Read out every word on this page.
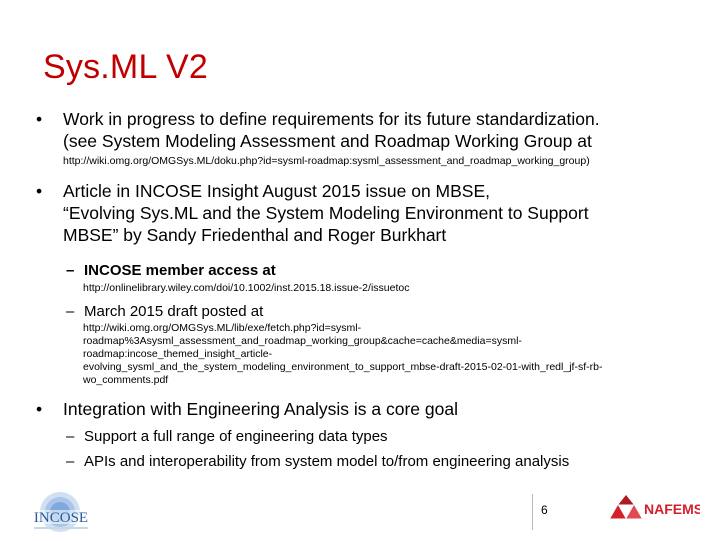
Sys.ML V2
•	Work in progress to define requirements for its future standardization.
(see System Modeling Assessment and Roadmap Working Group at
http://wiki.omg.org/OMGSys.ML/doku.php?id=sysml-roadmap:sysml_assessment_and_roadmap_working_group)
•	Article in INCOSE Insight August 2015 issue on MBSE,
“Evolving Sys.ML and the System Modeling Environment to Support
MBSE” by Sandy Friedenthal and Roger Burkhart
– INCOSE member access at
http://onlinelibrary.wiley.com/doi/10.1002/inst.2015.18.issue-2/issuetoc
– March 2015 draft posted at
http://wiki.omg.org/OMGSys.ML/lib/exe/fetch.php?id=sysml-
roadmap%3Asysml_assessment_and_roadmap_working_group&cache=cache&media=sysml-
roadmap:incose_themed_insight_article-
evolving_sysml_and_the_system_modeling_environment_to_support_mbse-draft-2015-02-01-with_redl_jf-sf-rb-
wo_comments.pdf
•	Integration with Engineering Analysis is a core goal
– Support a full range of engineering data types
– APIs and interoperability from system model to/from engineering analysis
INCOSE	6	NAFEMS
